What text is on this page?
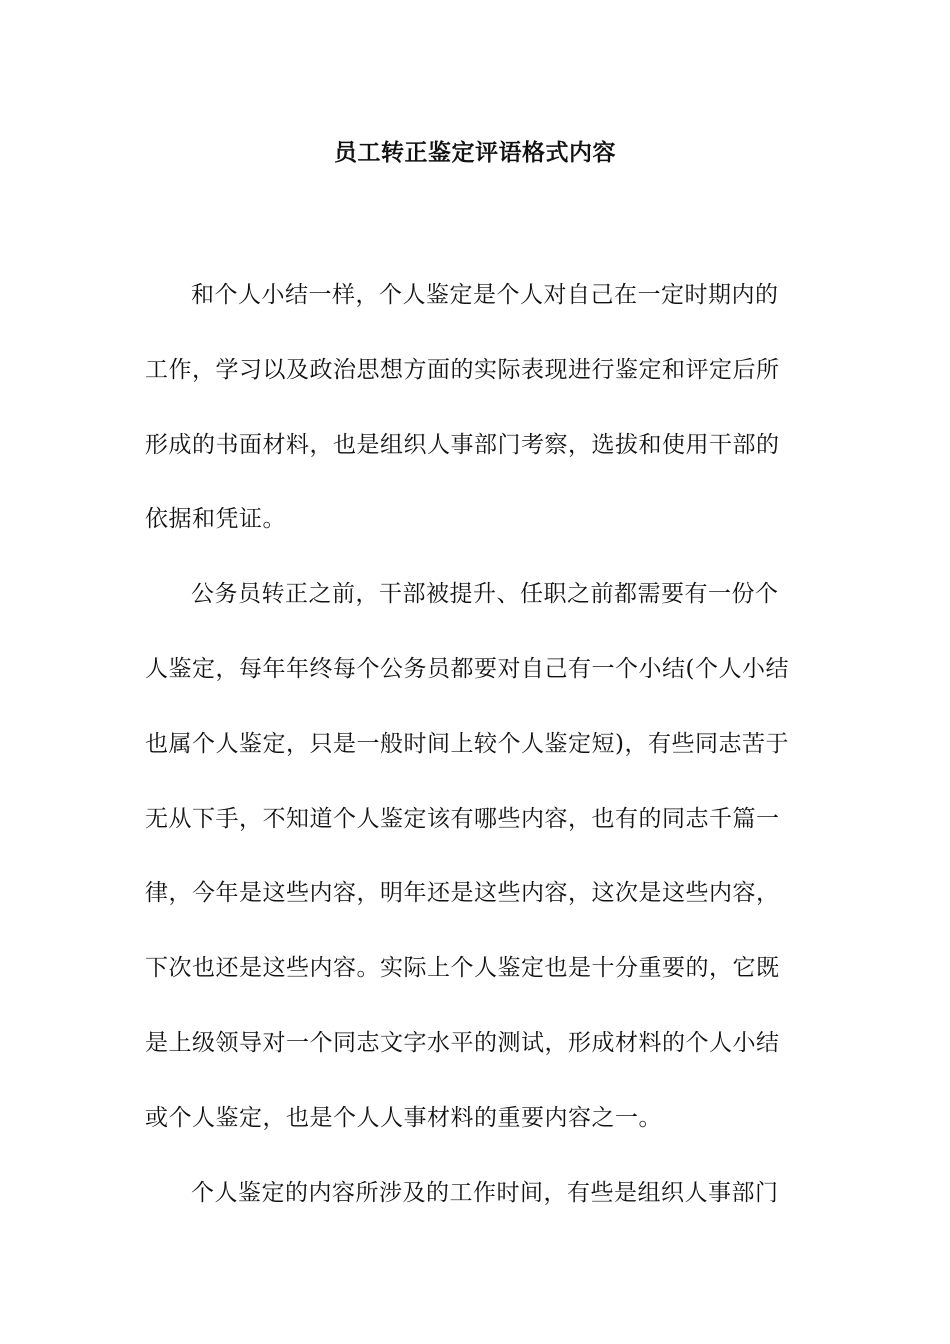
员工转正鉴定评语格式内容

和个人小结一样，个人鉴定是个人对自己在一定时期内的
工作，学习以及政治思想方面的实际表现进行鉴定和评定后所
形成的书面材料，也是组织人事部门考察，选拔和使用干部的
依据和凭证。

公务员转正之前，干部被提升、任职之前都需要有一份个
人鉴定，每年年终每个公务员都要对自己有一个小结(个人小结
也属个人鉴定，只是一般时间上较个人鉴定短)，有些同志苦于
无从下手，不知道个人鉴定该有哪些内容，也有的同志千篇一
律，今年是这些内容，明年还是这些内容，这次是这些内容，
下次也还是这些内容。实际上个人鉴定也是十分重要的，它既
是上级领导对一个同志文字水平的测试，形成材料的个人小结
或个人鉴定，也是个人人事材料的重要内容之一。

个人鉴定的内容所涉及的工作时间，有些是组织人事部门
